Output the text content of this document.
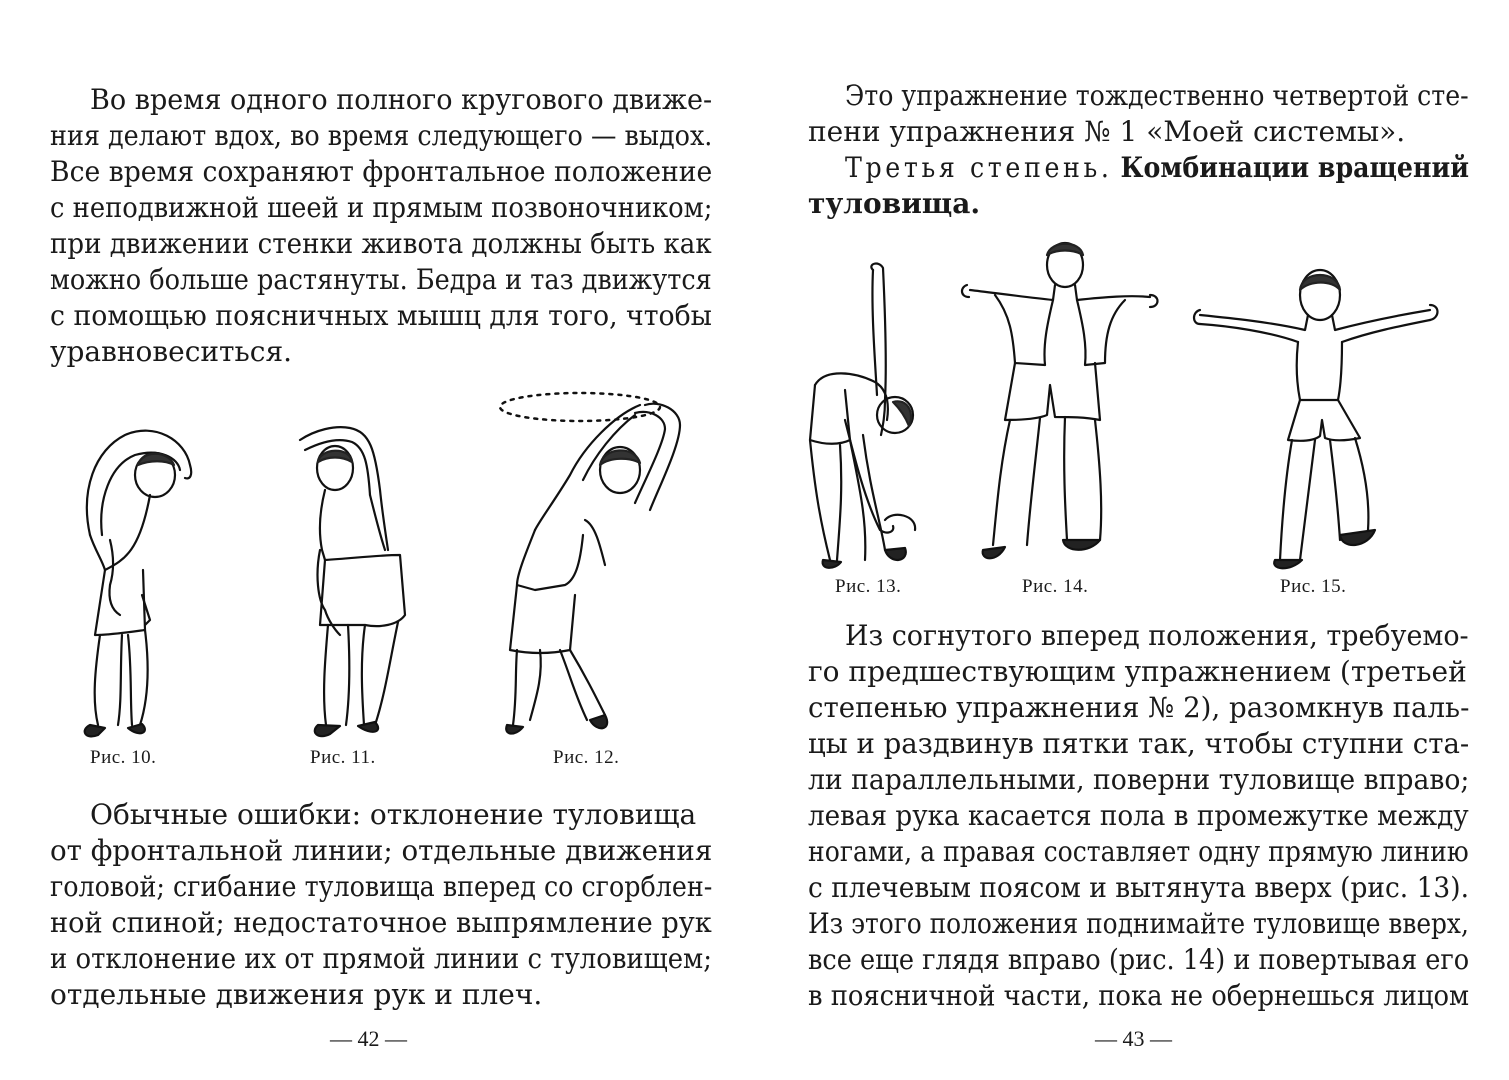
Во время одного полного кругового движе-
ния делают вдох, во время следующего — выдох.
Все время сохраняют фронтальное положение
с неподвижной шеей и прямым позвоночником;
при движении стенки живота должны быть как
можно больше растянуты. Бедра и таз движутся
с помощью поясничных мышц для того, чтобы
уравновеситься.
Рис. 10.	Рис. 11.	Рис. 12.
Обычные ошибки: отклонение туловища
от фронтальной линии; отдельные движения
головой; сгибание туловища вперед со сгорблен-
ной спиной; недостаточное выпрямление рук
и отклонение их от прямой линии с туловищем;
отдельные движения рук и плеч.
— 42 —
Это упражнение тождественно четвертой сте-
пени упражнения № 1 «Моей системы».
Третья степень. Комбинации вращений
туловища.
Рис. 13.	Рис. 14.	Рис. 15.
Из согнутого вперед положения, требуемо-
го предшествующим упражнением (третьей
степенью упражнения № 2), разомкнув паль-
цы и раздвинув пятки так, чтобы ступни ста-
ли параллельными, поверни туловище вправо;
левая рука касается пола в промежутке между
ногами, а правая составляет одну прямую линию
с плечевым поясом и вытянута вверх (рис. 13).
Из этого положения поднимайте туловище вверх,
все еще глядя вправо (рис. 14) и повертывая его
в поясничной части, пока не обернешься лицом
— 43 —
